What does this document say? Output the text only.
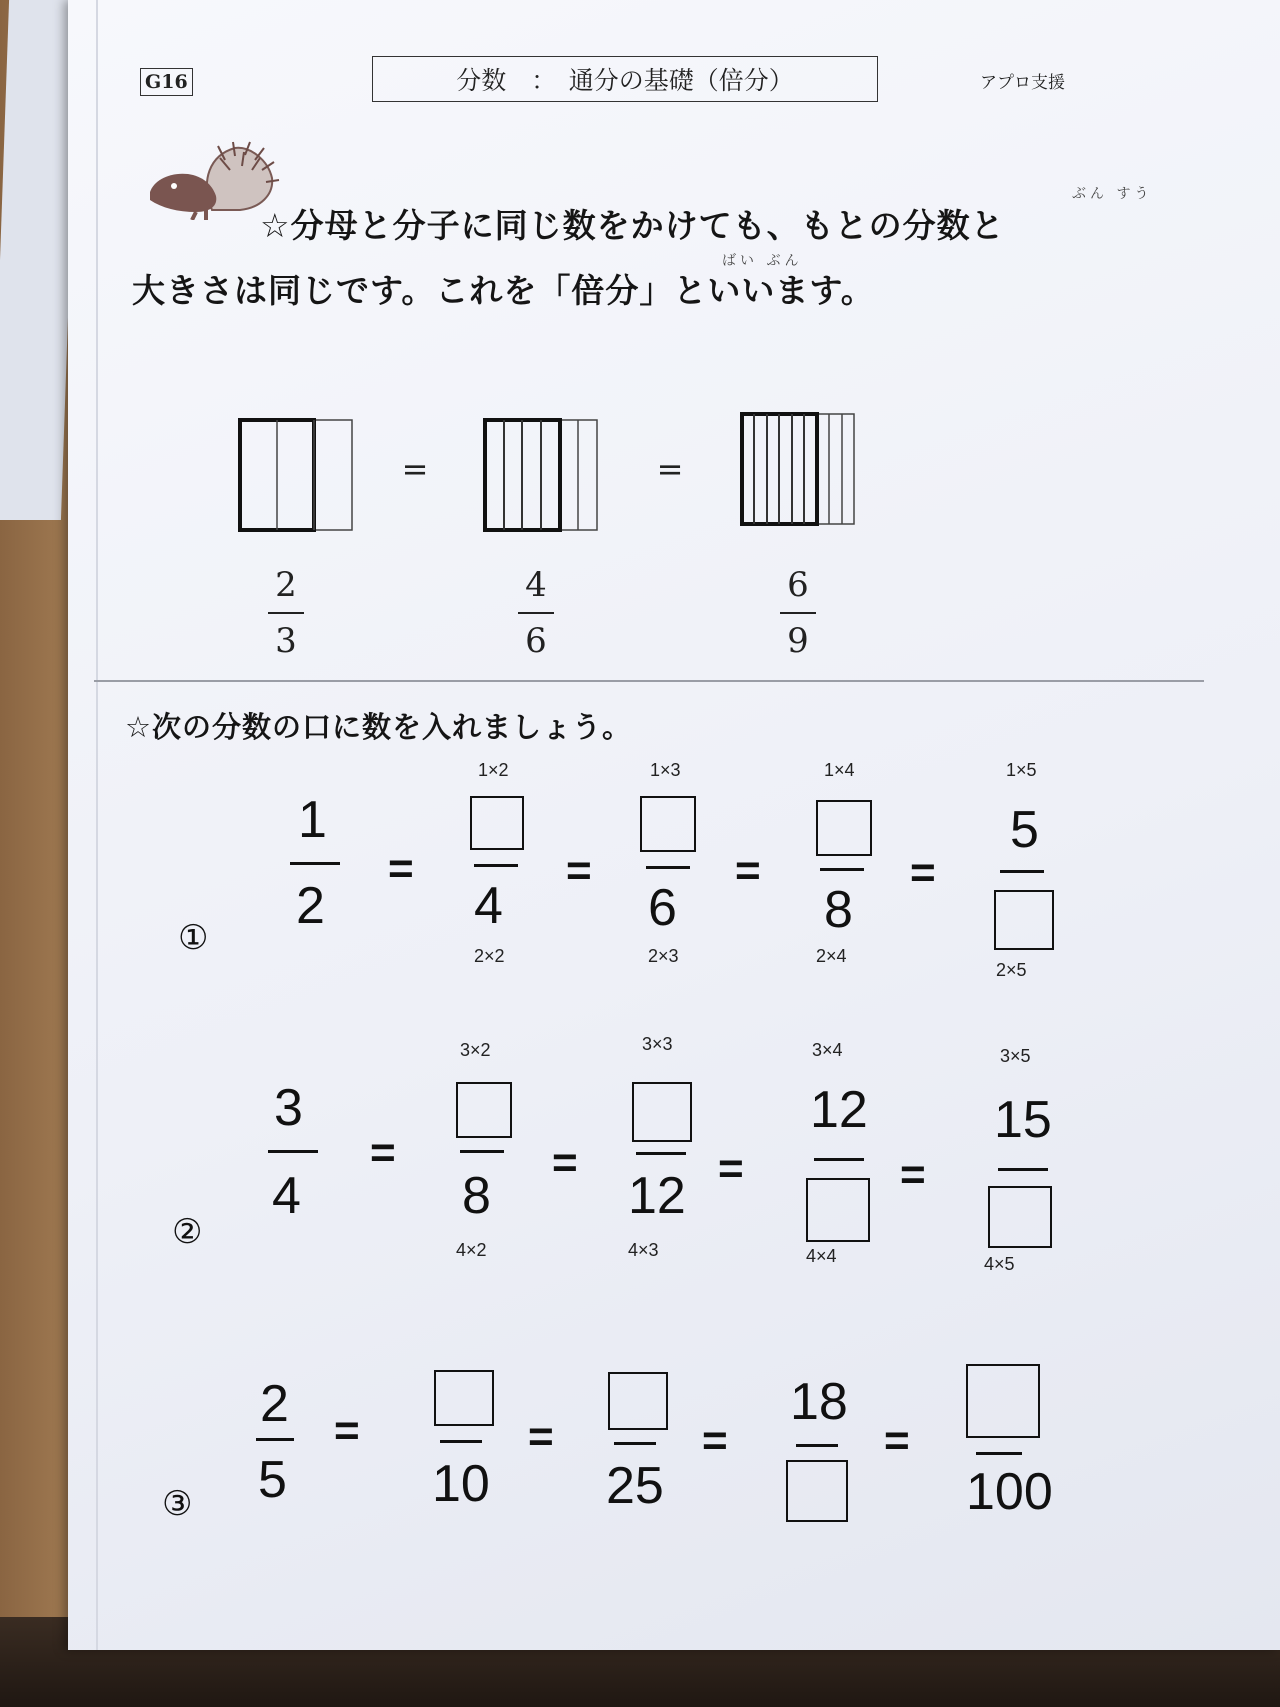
G16	分数　：　通分の基礎（倍分）	アプロ支援
☆分母と分子に同じ数をかけても、もとの分数と
ぶん すう
大きさは同じです。これを「倍分」といいます。
ばい ぶん
=	=
2
3
4
6
6
9
☆次の分数の口に数を入れましょう。
①
1
2
=
1×2
4
2×2
=
1×3
6
2×3
=
1×4
8
2×4
=
1×5
5
2×5
②
3
4
=
3×2
8
4×2
=
3×3
12
4×3
=
3×4
12
4×4
=
3×5
15
4×5
③
2
5
=
10
=
25
=
18
=
100
